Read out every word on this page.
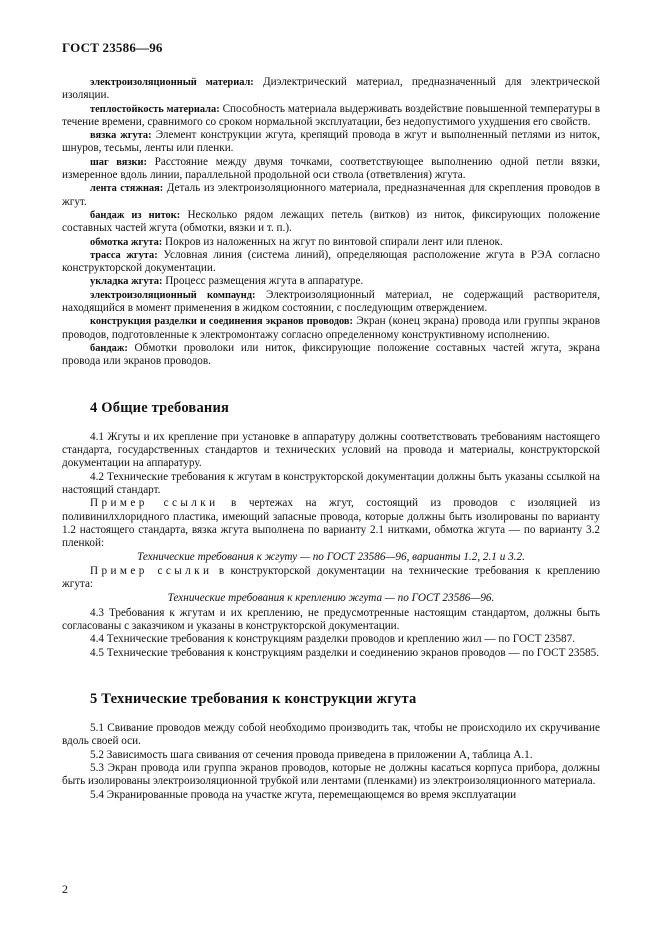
ГОСТ 23586—96

электроизоляционный материал: Диэлектрический материал, предназначенный для электрической изоляции.

теплостойкость материала: Способность материала выдерживать воздействие повышенной температуры в течение времени, сравнимого со сроком нормальной эксплуатации, без недопустимого ухудшения его свойств.

вязка жгута: Элемент конструкции жгута, крепящий провода в жгут и выполненный петлями из ниток, шнуров, тесьмы, ленты или пленки.

шаг вязки: Расстояние между двумя точками, соответствующее выполнению одной петли вязки, измеренное вдоль линии, параллельной продольной оси ствола (ответвления) жгута.

лента стяжная: Деталь из электроизоляционного материала, предназначенная для скрепления проводов в жгут.

бандаж из ниток: Несколько рядом лежащих петель (витков) из ниток, фиксирующих положение составных частей жгута (обмотки, вязки и т. п.).

обмотка жгута: Покров из наложенных на жгут по винтовой спирали лент или пленок.

трасса жгута: Условная линия (система линий), определяющая расположение жгута в РЭА согласно конструкторской документации.

укладка жгута: Процесс размещения жгута в аппаратуре.

электроизоляционный компаунд: Электроизоляционный материал, не содержащий растворителя, находящийся в момент применения в жидком состоянии, с последующим отверждением.

конструкция разделки и соединения экранов проводов: Экран (конец экрана) провода или группы экранов проводов, подготовленные к электромонтажу согласно определенному конструктивному исполнению.

бандаж: Обмотки проволоки или ниток, фиксирующие положение составных частей жгута, экрана провода или экранов проводов.

4 Общие требования

4.1 Жгуты и их крепление при установке в аппаратуру должны соответствовать требованиям настоящего стандарта, государственных стандартов и технических условий на провода и материалы, конструкторской документации на аппаратуру.

4.2 Технические требования к жгутам в конструкторской документации должны быть указаны ссылкой на настоящий стандарт.

Пример ссылки в чертежах на жгут, состоящий из проводов с изоляцией из поливинилхлоридного пластика, имеющий запасные провода, которые должны быть изолированы по варианту 1.2 настоящего стандарта, вязка жгута выполнена по варианту 2.1 нитками, обмотка жгута — по варианту 3.2 пленкой:

Технические требования к жгуту — по ГОСТ 23586—96, варианты 1.2, 2.1 и 3.2.

Пример ссылки в конструкторской документации на технические требования к креплению жгута:

Технические требования к креплению жгута — по ГОСТ 23586—96.

4.3 Требования к жгутам и их креплению, не предусмотренные настоящим стандартом, должны быть согласованы с заказчиком и указаны в конструкторской документации.

4.4 Технические требования к конструкциям разделки проводов и креплению жил — по ГОСТ 23587.

4.5 Технические требования к конструкциям разделки и соединению экранов проводов — по ГОСТ 23585.

5 Технические требования к конструкции жгута

5.1 Свивание проводов между собой необходимо производить так, чтобы не происходило их скручивание вдоль своей оси.

5.2 Зависимость шага свивания от сечения провода приведена в приложении А, таблица А.1.

5.3 Экран провода или группа экранов проводов, которые не должны касаться корпуса прибора, должны быть изолированы электроизоляционной трубкой или лентами (пленками) из электроизоляционного материала.

5.4 Экранированные провода на участке жгута, перемещающемся во время эксплуатации

2
